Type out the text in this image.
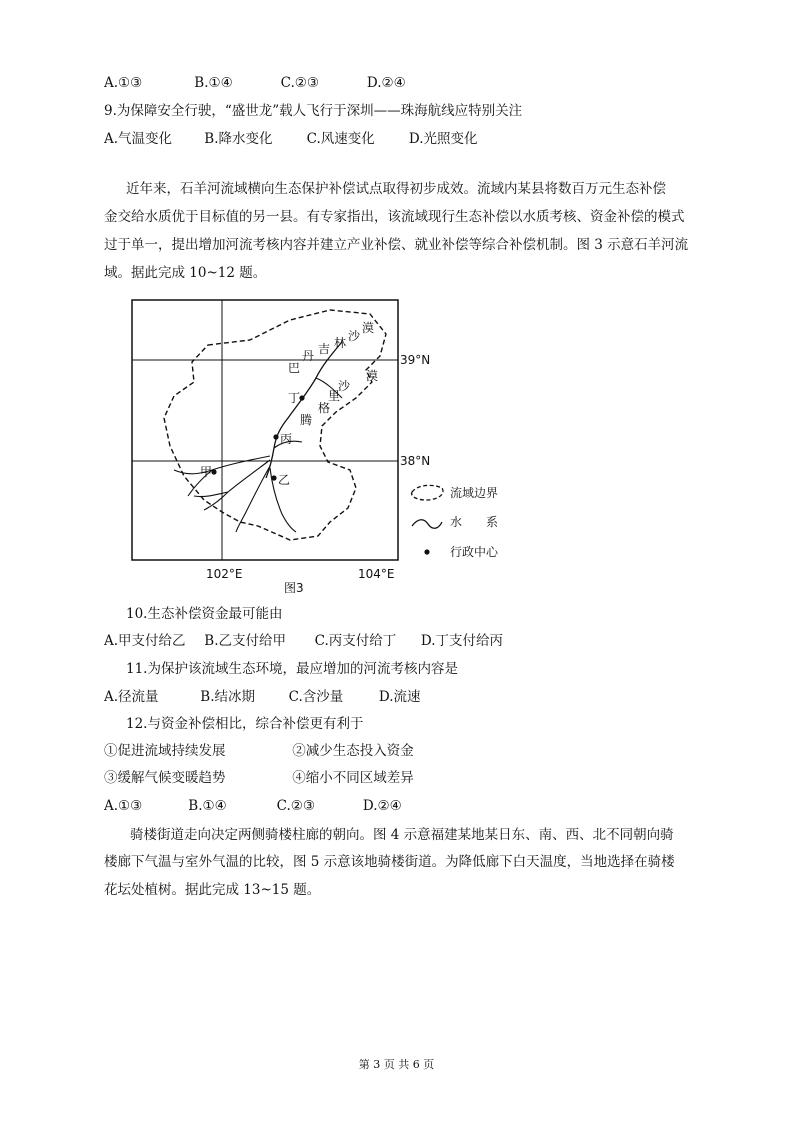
A.①③	B.①④	C.②③	D.②④
9.为保障安全行驶，“盛世龙”载人飞行于深圳——珠海航线应特别关注
A.气温变化 B.降水变化	C.风速变化	D.光照变化
近年来，石羊河流域横向生态保护补偿试点取得初步成效。流域内某县将数百万元生态补偿
金交给水质优于目标值的另一县。有专家指出，该流域现行生态补偿以水质考核、资金补偿的模式
过于单一，提出增加河流考核内容并建立产业补偿、就业补偿等综合补偿机制。图 3 示意石羊河流
域。据此完成 10~12 题。
丁
丙
甲
乙
巴
丹 吉 林 沙
漠
腾
格
里
沙
漠
39°N
38°N
102°E	104°E
图3
流域边界
水　　系
行政中心
10.生态补偿资金最可能由
A.甲支付给乙 B.乙支付给甲 C.丙支付给丁 D.丁支付给丙
11.为保护该流域生态环境，最应增加的河流考核内容是
A.径流量	B.结冰期 C.含沙量	D.流速
12.与资金补偿相比，综合补偿更有利于
①促进流域持续发展	②减少生态投入资金
③缓解气候变暖趋势	④缩小不同区域差异
A.①③	B.①④	C.②③	D.②④
骑楼街道走向决定两侧骑楼柱廊的朝向。图 4 示意福建某地某日东、南、西、北不同朝向骑
楼廊下气温与室外气温的比较，图 5 示意该地骑楼街道。为降低廊下白天温度，当地选择在骑楼
花坛处植树。据此完成 13~15 题。
第 3 页 共 6 页
